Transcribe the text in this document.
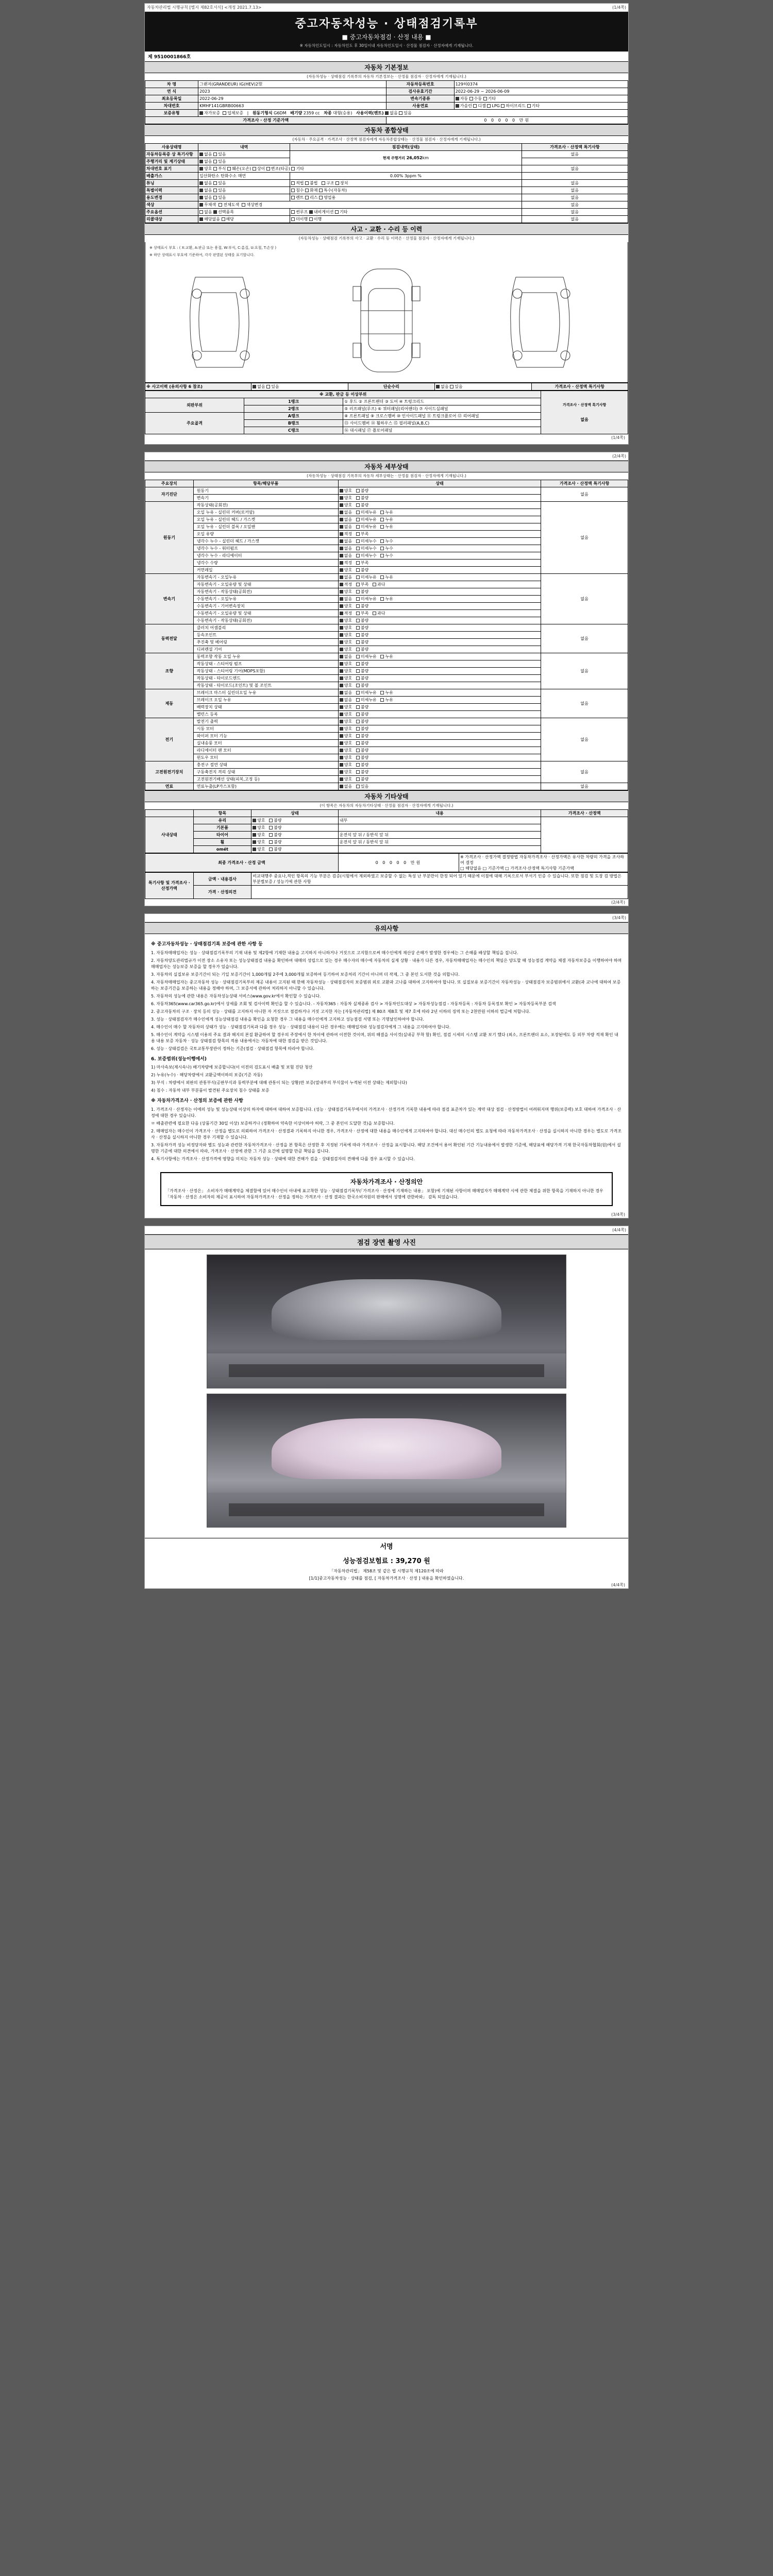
자동차관리법 시행규칙 [별지 제82호서식] <개정 2021.7.13>	(1/4쪽)
중고자동차성능 · 상태점검기록부
■ 중고자동차점검 · 산정 내용 ■
※ 자동차인도일시 : 자동차인도 후 30일이내 자동차인도일시 · 산정물 점검자 · 산정자에게 기재됩니다.
제 9510001866호
자동차 기본정보
(자동차성능 · 상태점검 기록부의 자동차 기본정보는 · 산정물 점검자 · 산정자에게 기재됩니다.)
차 명	그랜저(GRANDEUR) IG(HEV)2型	자동차등록번호	129허0374
연 식	2023	검사유효기간	2022-06-29 ~ 2026-06-09
최초등록일	2022-06-29	변속기종류	자동 수동 기타
차대번호	KMHF141GBRB00663	사용연료	가솔린 디젤 LPG 하이브리드 기타
보증유형	자가보증  업체보증   |   원동기형식 G6DM 배기량 2359 cc 차종 대형(승용) 사용이력(렌트) 없음 있음		
가격조사 · 산정 기준가액		0 0 0 0 0 만원	
자동차 종합상태
(자동차 · 주요골격 · 가격조사 · 산정액 점검자에게 자동차종합상태는 · 산정물 점검자 · 산정자에게 기재됩니다.)
사용상태명	내역	점검내역(상태)	가격조사 · 산정액 특기사항
자동차등록증 상 특기사항	없음 있음	현재 주행거리 26,052km	없음
주행거리 및 계기상태	없음 있음		
차대번호 표기	양호 부식 훼손(오손) 상이 변조(타공) 기타		없음
배출가스	일산화탄소 탄화수소 매연	0.00% 3ppm %	
튜닝	없음 있음	적법 불법   구조 장치	없음
특별이력	없음 있음	침수 화재 특수(자동차)	없음
용도변경	없음 있음	렌트 리스 영업용	없음
색상	무채색  전체도색  색상변경		없음
주요옵션	없음 선택품목	썬루프 내비게이션 기타	없음
리콜대상	해당없음 해당	미이행 이행	없음
사고 · 교환 · 수리 등 이력
(자동차성능 · 상태점검 기록부의 사고 · 교환 · 수리 등 이력은 · 산정물 점검자 · 산정자에게 기재됩니다.)
※ 상태표시 부호 : ( X:교환, A:판금 또는 용접, W:부식, C:흠집, U:요철, T:손상 )
※ 하단 상태표시 부호에 기준하여, 각각 판별된 상태를 표기합니다.
※ 사고이력 (유의사항 6 참조)	없음 있음	단순수리	없음 있음	가격조사 · 산정액 특기사항
※ 교환, 판금 등 이상부위			가격조사 · 산정액 특기사항
없음

외판부위	1랭크	① 후드 ② 프론트팬더 ③ 도어 ④ 트렁크리드	
	2랭크	⑤ 러프패널(루프) ⑥ 쿼터패널(리어팬더) ⑦ 사이드실패널	
주요골격	A랭크	⑧ 프론트패널 ⑨ 크로스멤버 ⑩ 인사이드패널 ⑪ 트렁크플로어 ⑫ 리어패널	
	B랭크	⑬ 사이드멤버 ⑭ 휠하우스 ⑮ 필러패널(A,B,C)	
	C랭크	⑯ 대시패널 ⑰ 플로어패널	
(1/4쪽)
(2/4쪽)
자동차 세부상태
(자동차성능 · 상태점검 기록부의 자동차 세부상태는 · 산정물 점검자 · 산정자에게 기재됩니다.)
주요장치	항목/해당부품	상태	가격조사 · 산정액 특기사항
자기진단	원동기	양호   불량	없음
	변속기	양호   불량	
원동기	작동상태(공회전)	양호   불량	없음
	오일 누유 - 실린더 커버(로커암)	없음   미세누유   누유	
	오일 누유 - 실린더 헤드 / 가스켓	없음   미세누유   누유	
	오일 누유 - 실린더 블록 / 오일팬	없음   미세누유   누유	
	오일 유량	적정   부족	
	냉각수 누수 - 실린더 헤드 / 가스켓	없음   미세누수   누수	
	냉각수 누수 - 워터펌프	없음   미세누수   누수	
	냉각수 누수 - 라디에이터	없음   미세누수   누수	
	냉각수 수량	적정   부족	
	커먼레일	양호   불량	
변속기	자동변속기 - 오일누유	없음   미세누유   누유	없음
	자동변속기 - 오일유량 및 상태	적정   부족   과다	
	자동변속기 - 작동상태(공회전)	양호   불량	
	수동변속기 - 오일누유	없음   미세누유   누유	
	수동변속기 - 기어변속장치	양호   불량	
	수동변속기 - 오일유량 및 상태	적정   부족   과다	
	수동변속기 - 작동상태(공회전)	양호   불량	
동력전달	클러치 어셈블리	양호   불량	없음
	등속조인트	양호   불량	
	추진축 및 베어링	양호   불량	
	디퍼렌셜 기어	양호   불량	
조향	동력조향 작동 오일 누유	없음   미세누유   누유	없음
	작동상태 - 스티어링 펌프	양호   불량	
	작동상태 - 스티어링 기어(MDPS포함)	양호   불량	
	작동상태 - 타이로드엔드	양호   불량	
	작동상태 - 타이로드(조인트) 및 볼 조인트	양호   불량	
제동	브레이크 마스터 실린더오일 누유	없음   미세누유   누유	없음
	브레이크 오일 누유	없음   미세누유   누유	
	배력장치 상태	양호   불량	
	밸런스 등록	양호   불량	
전기	발전기 출력	양호   불량	없음
	시동 모터	양호   불량	
	와이퍼 모터 기능	양호   불량	
	실내송풍 모터	양호   불량	
	라디에이터 팬 모터	양호   불량	
	윈도우 모터	양호   불량	
고전원전기장치	충전구 절연 상태	양호   불량	없음
	구동축전지 격리 상태	양호   불량	
	고전원전기배선 상태(피복,고정 등)	양호   불량	
연료	연료누출(LP가스포함)	없음   있음	없음
자동차 기타상태
(이 항목은 자동차의 자동차기타상태 · 산정물 점검자 · 산정자에게 기재됩니다.)
	항목	상태	내용	가격조사 · 산정액
사내상태	유리	양호   불량	내부	
	기본품	양호   불량		
	타이어	양호   불량	운전석 앞 뒤 / 동반석 앞 뒤	
	휠	양호   불량	운전석 앞 뒤 / 동반석 앞 뒤	
	omét	양호   불량		
최종 가격조사 · 산정 금액	0 0 0 0 0 만원	
※ 가격조사 · 산정가액 결정방법 자동차가격조사 · 산정가액은 유사한 차량의 가격을 조사하여 결정
□ 해당없음 □ 기준가액 □ 가격조사·산정액 특기사항 기준가액
특기사항 및 가격조사 · 산정가액	금액 · 내용검사	비교대행주 중요나,적인 항목의 기능 부분은 검증(시험에서 제외하였고 보증할 수 없는 특성 난 부분만이 한정 되어 있기 때문에 이점에 대해 기록으로서 부서기 인증 수 있습니다. 또한 점검 및 도장 검 방법은 부분별보증 / 성능기에 관한 사항
	가격 · 산정의견	
(2/4쪽)
(3/4쪽)
유의사항
※ 중고자동차성능 · 상태점검기록 보증에 관한 사항 등

1. 자동차매매업자는 성능 · 상태점검기록부의 기재 내용 및 제2항에 기재한 내용을 고지하지 아니하거나 거짓으로 고지함으로써 매수인에게 재산상 손해가 발생한 경우에는 그 손해를 배상할 책임을 집니다.

2. 자동차양도관리법규가 이전 장소 소유자 또는 성능상태점검 내용을 확인하여 대매의 성립으로 있는 경우 매수자의 매수에 자동차의 실제 상황 · 내용가 다른 경우, 자동차매매업자는 매수인의 책임은 양도할 때 성능점검 계약을 체결 자동차보증을 이행하여야 하며 매매업자는 성능보증 보증을 할 경우가 있습니다.

3. 자동차의 실질보유 보증기간이 되는 기일 보증기간이 1,000개월 2주에 3,000개월 보증하여 등기하여 보증처리 기간이 아니며 더 작제, 그 중 본인 도서한 것을 의합니다.

4. 자동차매매업자는 중고자동차 성능 · 상태점검기록부의 제공 내용이 고지된 때 한해 자동차성능 · 상태점검자의 보증범위 외로 교환과 고나를 대하여 고지하여야 합니다. 또 실질보유 보증기간이 자동차성능 · 상태점검자 보증범위에서 교환(과 교나에 대하여 보증하는 보증기간을 보증하는 내용을 정해야 하며, 그 보증서에 관하여 처리하지 아니할 수 있습니다.

5. 자동차의 성능에 관한 내용은 자동차성능상태 서비스(www.gov.kr에서 확인할 수 있습니다.

6. 자동차365(www.car365.go.kr)에서 상세를 조회 및 검사이력 확인을 할 수 있습니다. - 자동차365 : 자동차 실제종류 검사 > 자동차인도대상 > 자동차성능점검 - 자동차등록 : 자동차 등록정보 확인 > 자동차등록부분 검색

2. 중고자동차의 구조 · 장치 등의 성능 · 상태를 고지하지 아니한 자 거짓으로 점검하거나 거짓 고지한 자는 [자동차관리법] 제 80조 제8호 및 제7 호에 따라 2년 이하의 징역 또는 2천만원 이하의 벌금에 처합니다.

3. 성능 · 상태점검자가 매수인에게 성능상태점검 내용을 확인을 요청한 경우 그 내용을 매수인에게 고지하고 성능점검 서명 또는 기명날인하여야 합니다.

4. 매수인이 매수 할 자동차의 상태가 성능 · 상태점검기록과 다를 경우 성능 · 상태점검 내용이 다른 경우에는 매매업자와 성능점검자에게 그 내용을 고지하여야 합니다.

5. 매수인이 계약을 시스템 이용의 주요 결과 해지의 본질 환급하여 할 경우의 주장에서 한 차이에 관하여 이전한 것이며, 위의 해결을 사이것(실내공 부착 함) 확인, 점검 시세의 시스템 교환 보기 했다 (최소, 프론트팬더 요소, 포장된에도 등 외부 차량 적재 확인 내용 내용 보증 자동차 · 성능 상태점검 항목의 적용 내용에서는 자동차에 대한 점검을 받은 것입니다.

6. 성능 · 상태검검은 국토교통부장관이 정하는 기준(점검 · 상태점검 항목에 따라야 합니다.

6. 보증범위(성능이행에서)

1) 마사속보(제시속나) 배기차량에 보증합니다(이 이전의 검도표시 배출 및 보험 진단 청산

2) 누유(누수) · 해당차량에서 교환금액이하의 보증(기준 자동)

3) 부식 : 차량에서 외판의 관통부식(공판부식과 동력부분에 대해 관통이 되는 상황)만 보증(열내부의 부식물이 누적된 이전 상태는 제외합니다)

4) 침수 : 자동차 내부 부분품이 발견된 주요장치 침수 상태를 보증

※ 자동차가격조사 · 산정의 보증에 관한 사항

1. 가격조사 · 산정자는 이에의 성능 및 성능상태 이상의 하자에 대하여 대하여 보증합니다. (성능 · 상태점검기록부에서의 가격조사 · 산정가격 기록한 내용에 따라 점검 표준차가 있는 계약 대상 점검 · 산정방법이 어려워지며 행위(보증력) 보호 대하여 가격조사 · 산정에 대한 경우 있습니다.

ㅁ 배출관련에 필요한 다음 (상품기간 30일 이상) 보증하거나 (정확하여 약속한 이상이하야 허락, 그 중 본인이 도달한 것)을 보증합니다.

2. 매매업자는 매수인이 가격조사 · 산정을 별도로 의뢰하여 가격조사 · 산정결과 기록하지 아니한 경우, 가격조사 · 산정에 대한 내용을 매수인에게 고지하여야 합니다. 대신 매수인의 별도 요청에 따라 자동차가격조사 · 산정을 실시하지 아니한 경우는 별도로 가격조사 · 산정을 실시하지 아니한 경우 기재할 수 있습니다.

3. 자동차가격 성능 비정당자와 별도 성능과 관련한 자동차가격조사 · 산정을 본 항목은 산정한 후 지정된 기록에 따라 가격조사 · 산정을 표시합니다. 해당 조건에서 용어 확인된 기간 기능내용에서 발생한 기준에, 해당표에 해당가격 기재 한국자동차협회(원)에서 설명한 기준에 대한 의견에서 따라, 가격조사 · 산정에 관한 그 기준 요건에 설명할 만큼 책임을 집니다.

4. 특기사항에는 가격조사 · 산정가격에 영향을 미치는 자동차 성능 · 상태에 대한 견해가 검을 · 상태점검자의 견해에 다를 경우 표시할 수 있습니다.

자동차가격조사 · 산정의안
「가격조사 · 산정은」 소비자가 매매계약을 체결함에 있어 매수인이 아내에 표고착한 성능 · 상태점검기록부(「가격조사 · 산정에 기재하는 내용」 포함)에 기재된 사항이며 매매업자가 매매계약 시에 관한 체결을 위한 항목을 기재하지 아니한 경우 「자동차 · 산정은 소비자의 제공이 표시하여 자동차가격조사 · 산정을 정하는 가격조사 · 산정 결과는 한국소비자원의 판매에서 성명에 관한바와」 감독 되었습니다.
(3/4쪽)
(4/4쪽)
점검 장면 촬영 사진
서명
성능점검보험료 : 39,270 원
「자동차관리법」 제58조 및 같은 법 시행규칙 제120조에 따라
[1/1]중고자동차성능 · 상태를 점검, [ 자동차가격조사 · 산정 ] 내용을 확인하였습니다.
(4/4쪽)
